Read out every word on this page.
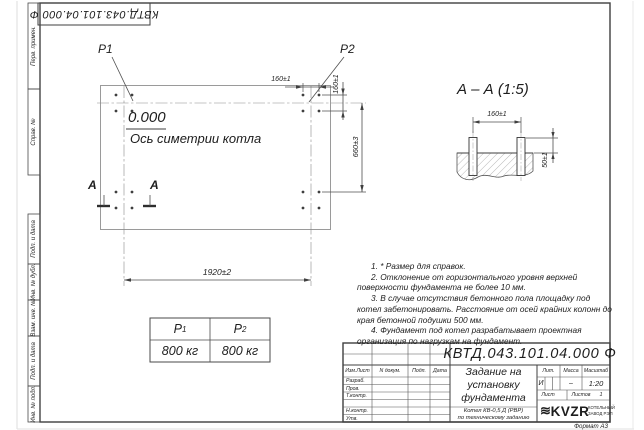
КВТД.043.101.04.000 Ф
Перв. примен.
Справ. №
Подп. и дата
Инв. № дубл.
Взам. инв. №
Подп. и дата
Инв. № подл.
P1	P2
0.000
Ось симетрии котла
160±1	160±1
660±3
1920±2
А	А
А – А (1:5)
160±1
50±1
P 1	P 2
800 кг	800 кг

1. * Размер для справок.

2. Отклонение от горизонтального уровня верхней поверхности фундамента не более 10 мм.

3. В случае отсутствия бетонного пола площадку под котел забетонировать. Расстояние от осей крайних колонн до края бетонной подушки 500 мм.

4. Фундамент под котел разрабатывает проектная организация по нагрузкам на фундамент.

КВТД.043.101.04.000 Ф
Изм.Лист	N докум.	Подп.	Дата
Разраб.
Пров.
Т.контр.
Н.контр.
Утв.
Задание на
установку
фундамента
Котел КВ-0,5 Д (РВР)
по техническому заданию
Лит.	Масса	Масштаб
И	–	1:20
Лист	Листов	1
≋ KVZR
КОТЕЛЬНЫЙ
ЗАВОД РЭП
Формат А3
